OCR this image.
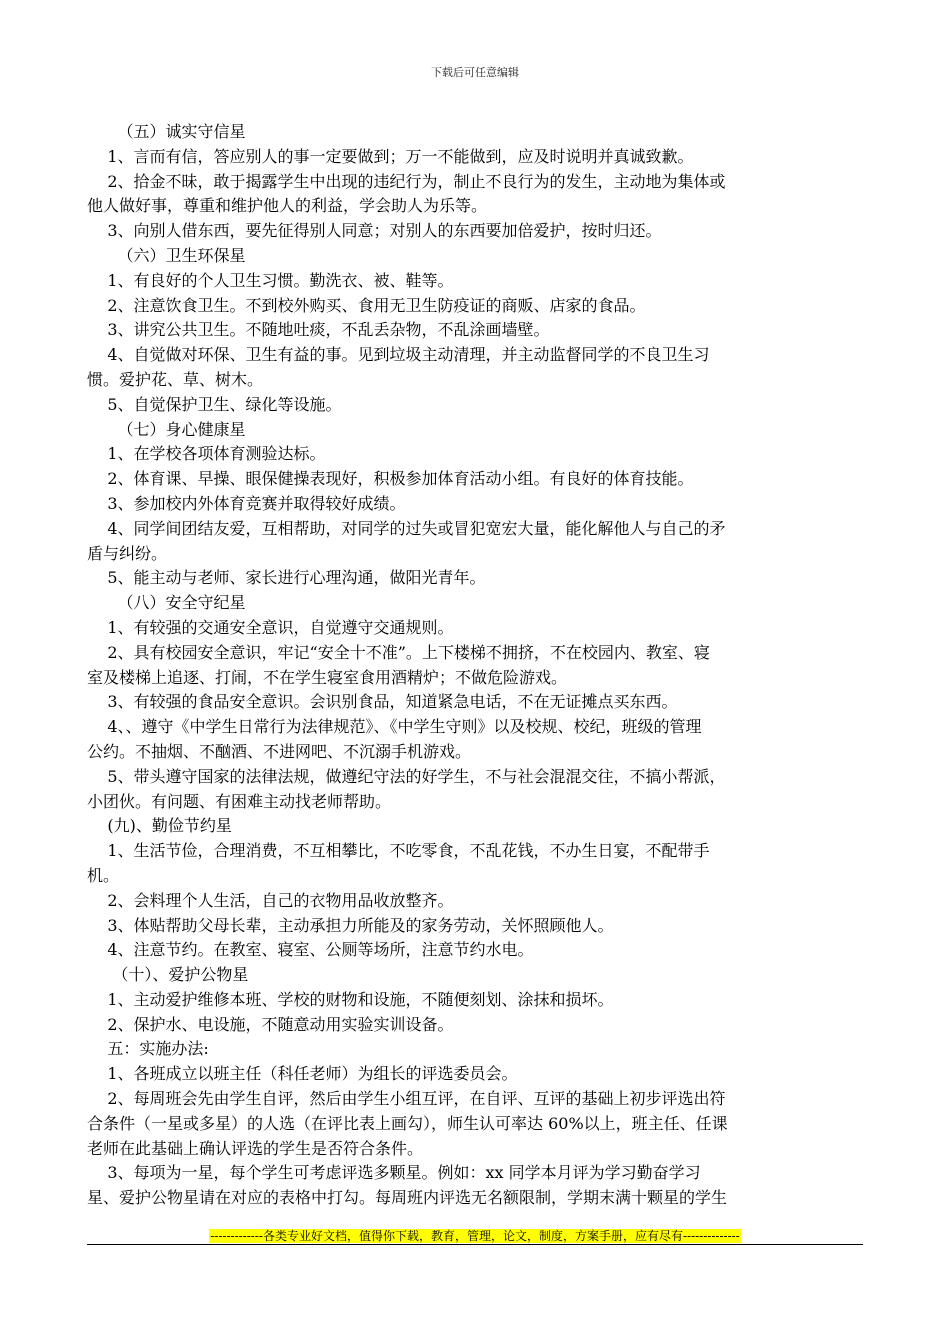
下载后可任意编辑
（五）诚实守信星
1、言而有信，答应别人的事一定要做到；万一不能做到，应及时说明并真诚致歉。
2、拾金不昧，敢于揭露学生中出现的违纪行为，制止不良行为的发生，主动地为集体或
他人做好事，尊重和维护他人的利益，学会助人为乐等。
3、向别人借东西，要先征得别人同意；对别人的东西要加倍爱护，按时归还。
（六）卫生环保星
1、有良好的个人卫生习惯。勤洗衣、被、鞋等。
2、注意饮食卫生。不到校外购买、食用无卫生防疫证的商贩、店家的食品。
3、讲究公共卫生。不随地吐痰，不乱丢杂物，不乱涂画墙壁。
4、自觉做对环保、卫生有益的事。见到垃圾主动清理，并主动监督同学的不良卫生习
惯。爱护花、草、树木。
5、自觉保护卫生、绿化等设施。
（七）身心健康星
1、在学校各项体育测验达标。
2、体育课、早操、眼保健操表现好，积极参加体育活动小组。有良好的体育技能。
3、参加校内外体育竞赛并取得较好成绩。
4、同学间团结友爱，互相帮助，对同学的过失或冒犯宽宏大量，能化解他人与自己的矛
盾与纠纷。
5、能主动与老师、家长进行心理沟通，做阳光青年。
（八）安全守纪星
1、有较强的交通安全意识，自觉遵守交通规则。
2、具有校园安全意识，牢记“安全十不准”。上下楼梯不拥挤，不在校园内、教室、寝
室及楼梯上追逐、打闹，不在学生寝室食用酒精炉；不做危险游戏。
3、有较强的食品安全意识。会识别食品，知道紧急电话，不在无证摊点买东西。
4、、遵守《中学生日常行为法律规范》、《中学生守则》以及校规、校纪，班级的管理
公约。不抽烟、不酗酒、不进网吧、不沉溺手机游戏。
5、带头遵守国家的法律法规，做遵纪守法的好学生，不与社会混混交往，不搞小帮派，
小团伙。有问题、有困难主动找老师帮助。
(九)、勤俭节约星
1、生活节俭，合理消费，不互相攀比，不吃零食，不乱花钱，不办生日宴，不配带手
机。
2、会料理个人生活，自己的衣物用品收放整齐。
3、体贴帮助父母长辈，主动承担力所能及的家务劳动，关怀照顾他人。
4、注意节约。在教室、寝室、公厕等场所，注意节约水电。
（十）、爱护公物星
1、主动爱护维修本班、学校的财物和设施，不随便刻划、涂抹和损坏。
2、保护水、电设施，不随意动用实验实训设备。
五：实施办法:
1、各班成立以班主任（科任老师）为组长的评选委员会。
2、每周班会先由学生自评，然后由学生小组互评，在自评、互评的基础上初步评选出符
合条件（一星或多星）的人选（在评比表上画勾），师生认可率达 60%以上，班主任、任课
老师在此基础上确认评选的学生是否符合条件。
3、每项为一星，每个学生可考虑评选多颗星。例如：xx 同学本月评为学习勤奋学习
星、爱护公物星请在对应的表格中打勾。每周班内评选无名额限制，学期末满十颗星的学生
-------------各类专业好文档，值得你下载，教育，管理，论文，制度，方案手册，应有尽有--------------
